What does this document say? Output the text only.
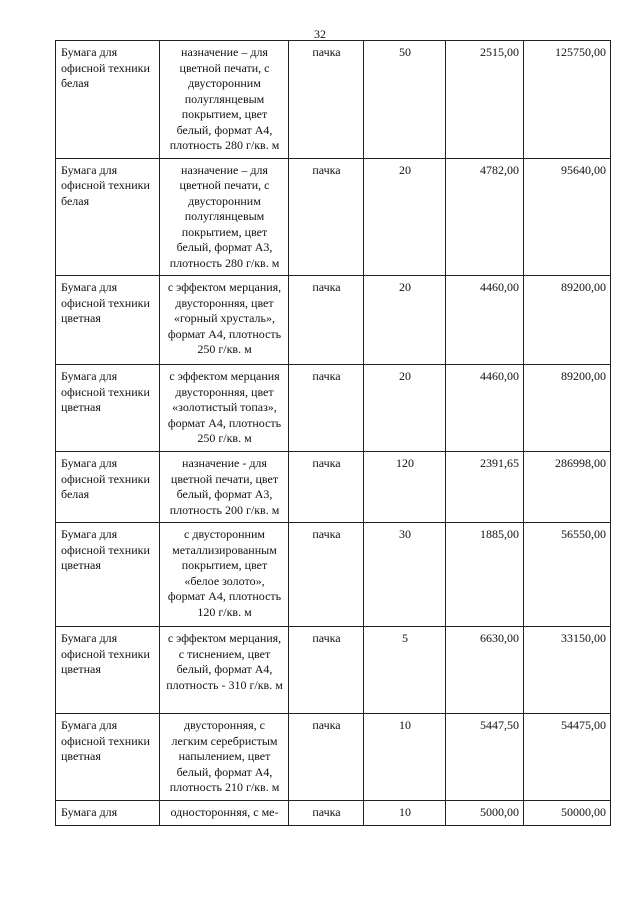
32
Бумага для офисной техники белая	назначение – для цветной печати, с двусторонним полуглянцевым покрытием, цвет белый, формат А4, плотность 280 г/кв. м	пачка	50	2515,00	125750,00
Бумага для офисной техники белая	назначение – для цветной печати, с двусторонним полуглянцевым покрытием, цвет белый, формат А3, плотность 280 г/кв. м	пачка	20	4782,00	95640,00
Бумага для офисной техники цветная	с эффектом мерцания, двусторонняя, цвет «горный хрусталь», формат А4, плотность 250 г/кв. м	пачка	20	4460,00	89200,00
Бумага для офисной техники цветная	с эффектом мерцания двусторонняя, цвет «золотистый топаз», формат А4, плотность 250 г/кв. м	пачка	20	4460,00	89200,00
Бумага для офисной техники белая	назначение - для цветной печати, цвет белый, формат А3, плотность 200 г/кв. м	пачка	120	2391,65	286998,00
Бумага для офисной техники цветная	с двусторонним металлизированным покрытием, цвет «белое золото», формат А4, плотность 120 г/кв. м	пачка	30	1885,00	56550,00
Бумага для офисной техники цветная	с эффектом мерцания, с тиснением, цвет белый, формат А4, плотность - 310 г/кв. м	пачка	5	6630,00	33150,00
Бумага для офисной техники цветная	двусторонняя, с легким серебристым напылением, цвет белый, формат А4, плотность 210 г/кв. м	пачка	10	5447,50	54475,00
Бумага для	односторонняя, с ме-	пачка	10	5000,00	50000,00
